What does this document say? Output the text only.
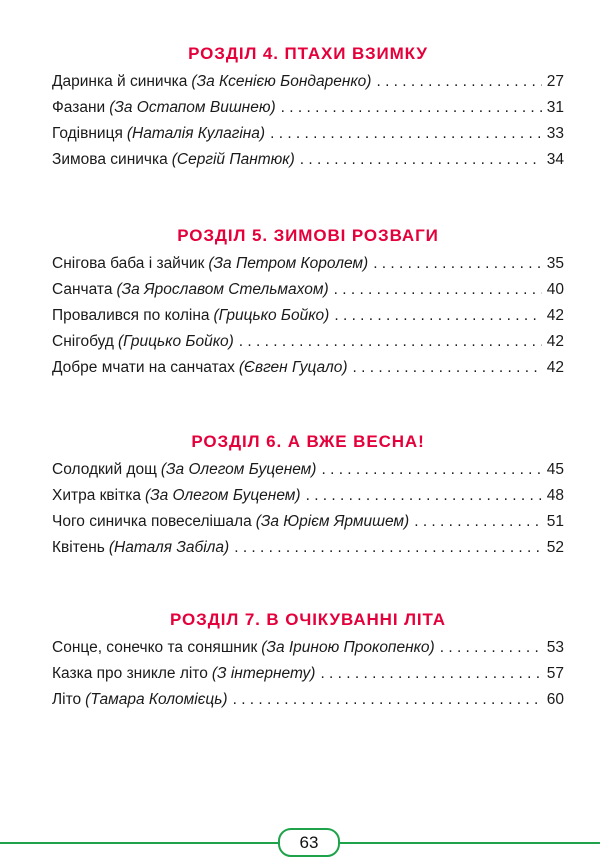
РОЗДІЛ 4. ПТАХИ ВЗИМКУ
Даринка й синичка (За Ксенією Бондаренко) . . .	27
Фазани (За Остапом Вишнею) . . .	31
Годівниця (Наталія Кулагіна) . . .	33
Зимова синичка (Сергій Пантюк) . . .	34
РОЗДІЛ 5. ЗИМОВІ РОЗВАГИ
Снігова баба і зайчик (За Петром Королем) . . .	35
Санчата (За Ярославом Стельмахом) . . .	40
Провалився по коліна (Грицько Бойко) . . .	42
Снігобуд (Грицько Бойко) . . .	42
Добре мчати на санчатах (Євген Гуцало) . . .	42
РОЗДІЛ 6. А ВЖЕ ВЕСНА!
Солодкий дощ (За Олегом Буценем) . . .	45
Хитра квітка (За Олегом Буценем) . . .	48
Чого синичка повеселішала (За Юрієм Ярмишем) . . .	51
Квітень (Наталя Забіла) . . .	52
РОЗДІЛ 7. В ОЧІКУВАННІ ЛІТА
Сонце, сонечко та соняшник (За Іриною Прокопенко) . . .	53
Казка про зникле літо (З інтернету) . . .	57
Літо (Тамара Коломієць) . . .	60
63
